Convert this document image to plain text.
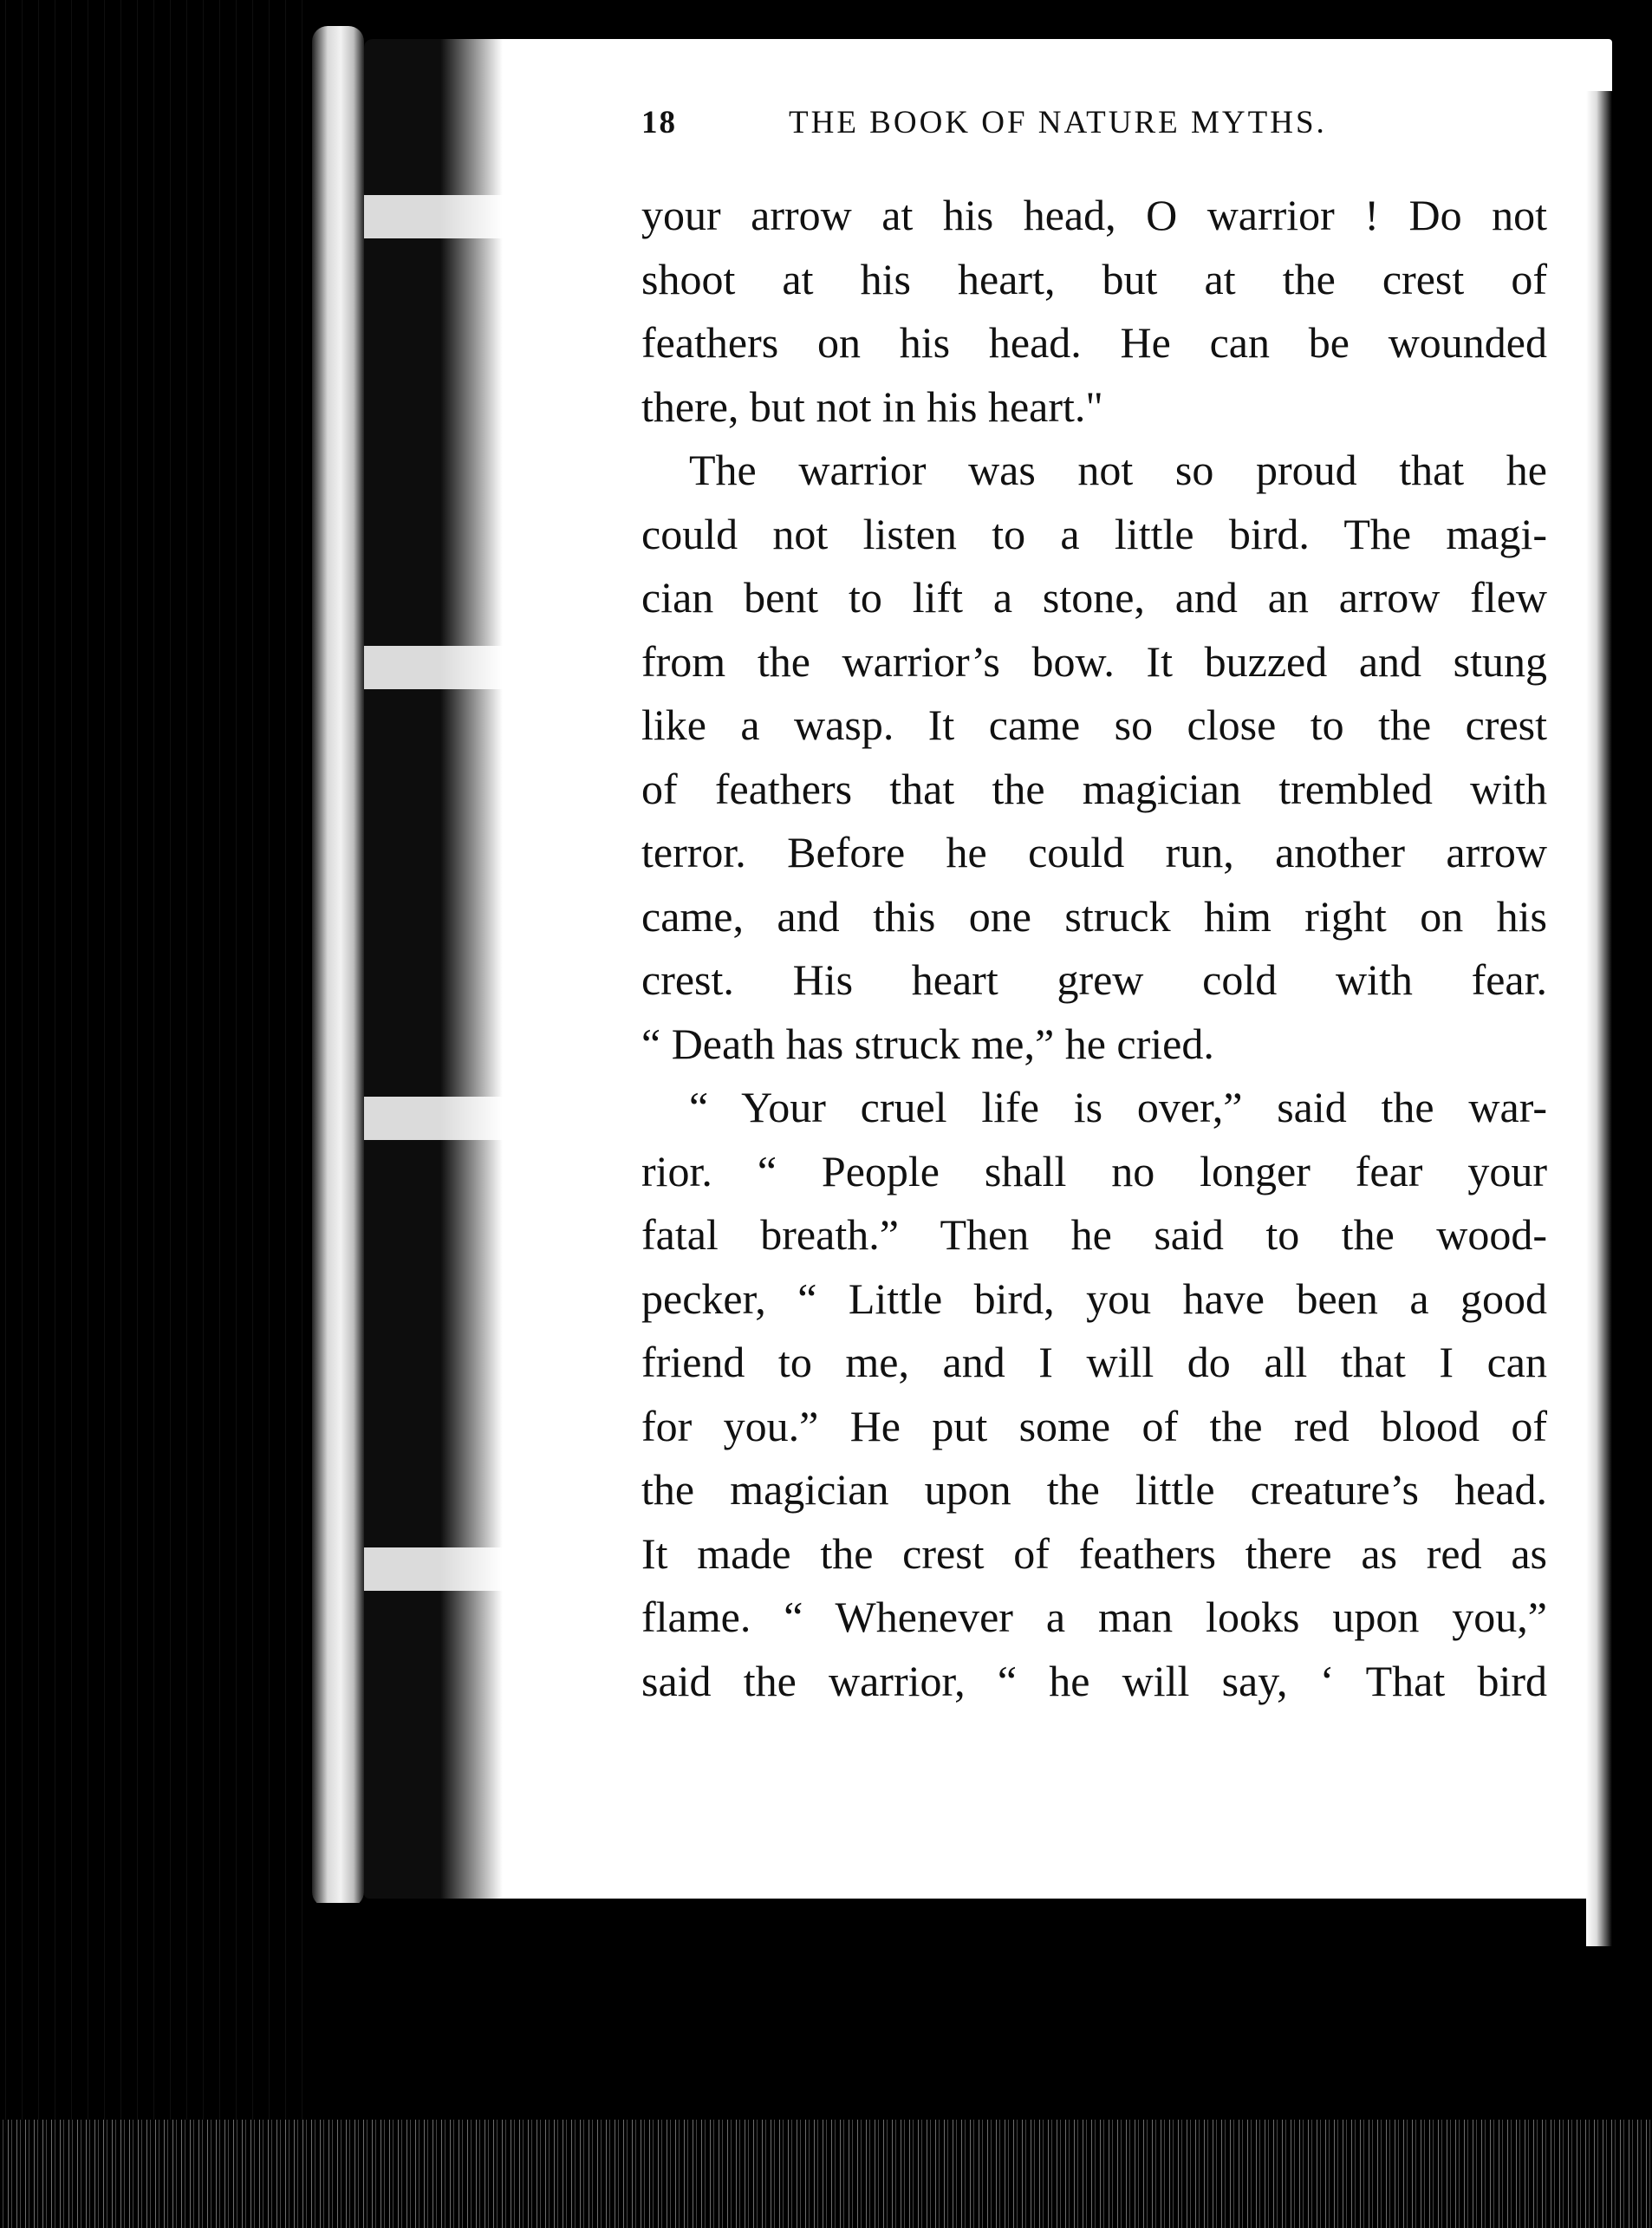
18	THE BOOK OF NATURE MYTHS.
your arrow at his head, O warrior ! Do not
shoot at his heart, but at the crest of
feathers on his head. He can be wounded
there, but not in his heart."
The warrior was not so proud that he
could not listen to a little bird. The magi-
cian bent to lift a stone, and an arrow flew
from the warrior’s bow. It buzzed and stung
like a wasp. It came so close to the crest
of feathers that the magician trembled with
terror. Before he could run, another arrow
came, and this one struck him right on his
crest. His heart grew cold with fear.
“ Death has struck me,” he cried.
“ Your cruel life is over,” said the war-
rior. “ People shall no longer fear your
fatal breath.” Then he said to the wood-
pecker, “ Little bird, you have been a good
friend to me, and I will do all that I can
for you.” He put some of the red blood of
the magician upon the little creature’s head.
It made the crest of feathers there as red as
flame. “ Whenever a man looks upon you,”
said the warrior, “ he will say, ‘ That bird
